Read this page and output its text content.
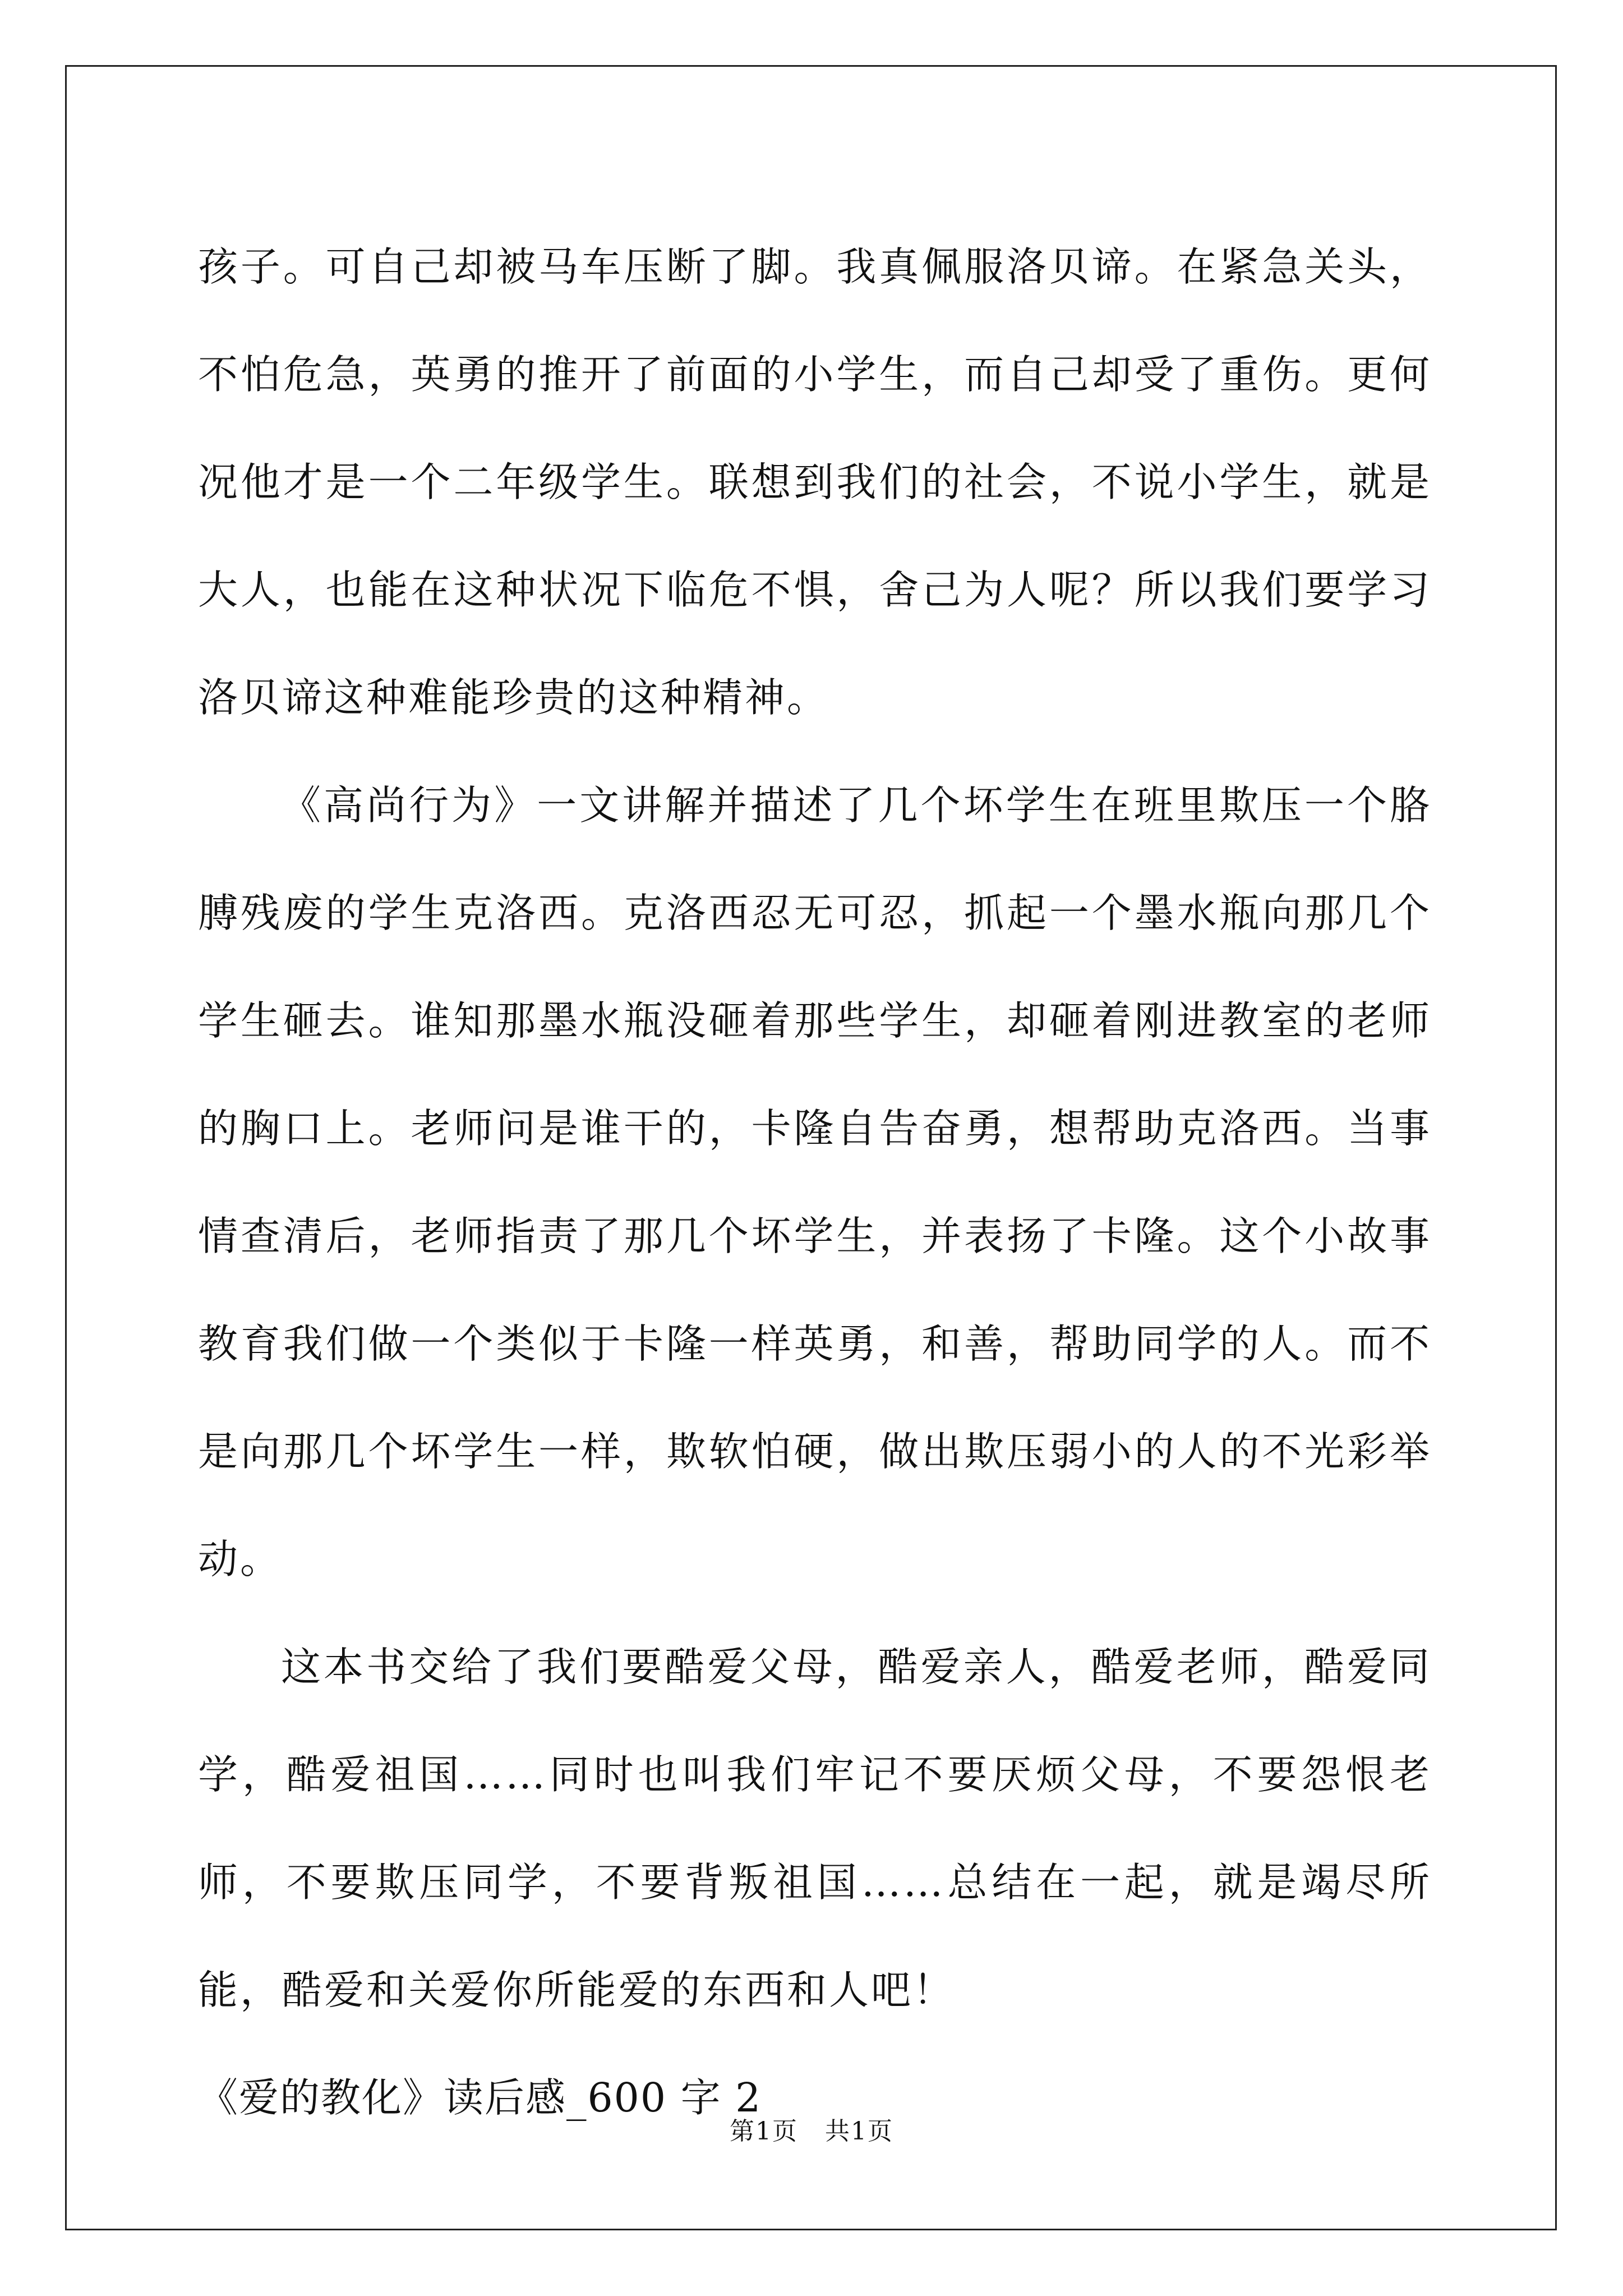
孩子。可自己却被马车压断了脚。我真佩服洛贝谛。在紧急关头，不怕危急，英勇的推开了前面的小学生，而自己却受了重伤。更何况他才是一个二年级学生。联想到我们的社会，不说小学生，就是大人，也能在这种状况下临危不惧，舍己为人呢？所以我们要学习洛贝谛这种难能珍贵的这种精神。

《高尚行为》一文讲解并描述了几个坏学生在班里欺压一个胳膊残废的学生克洛西。克洛西忍无可忍，抓起一个墨水瓶向那几个学生砸去。谁知那墨水瓶没砸着那些学生，却砸着刚进教室的老师的胸口上。老师问是谁干的，卡隆自告奋勇，想帮助克洛西。当事情查清后，老师指责了那几个坏学生，并表扬了卡隆。这个小故事教育我们做一个类似于卡隆一样英勇，和善，帮助同学的人。而不是向那几个坏学生一样，欺软怕硬，做出欺压弱小的人的不光彩举动。

这本书交给了我们要酷爱父母，酷爱亲人，酷爱老师，酷爱同学，酷爱祖国……同时也叫我们牢记不要厌烦父母，不要怨恨老师，不要欺压同学，不要背叛祖国……总结在一起，就是竭尽所能，酷爱和关爱你所能爱的东西和人吧！

《爱的教化》读后感_600 字 2

第1页   共1页
